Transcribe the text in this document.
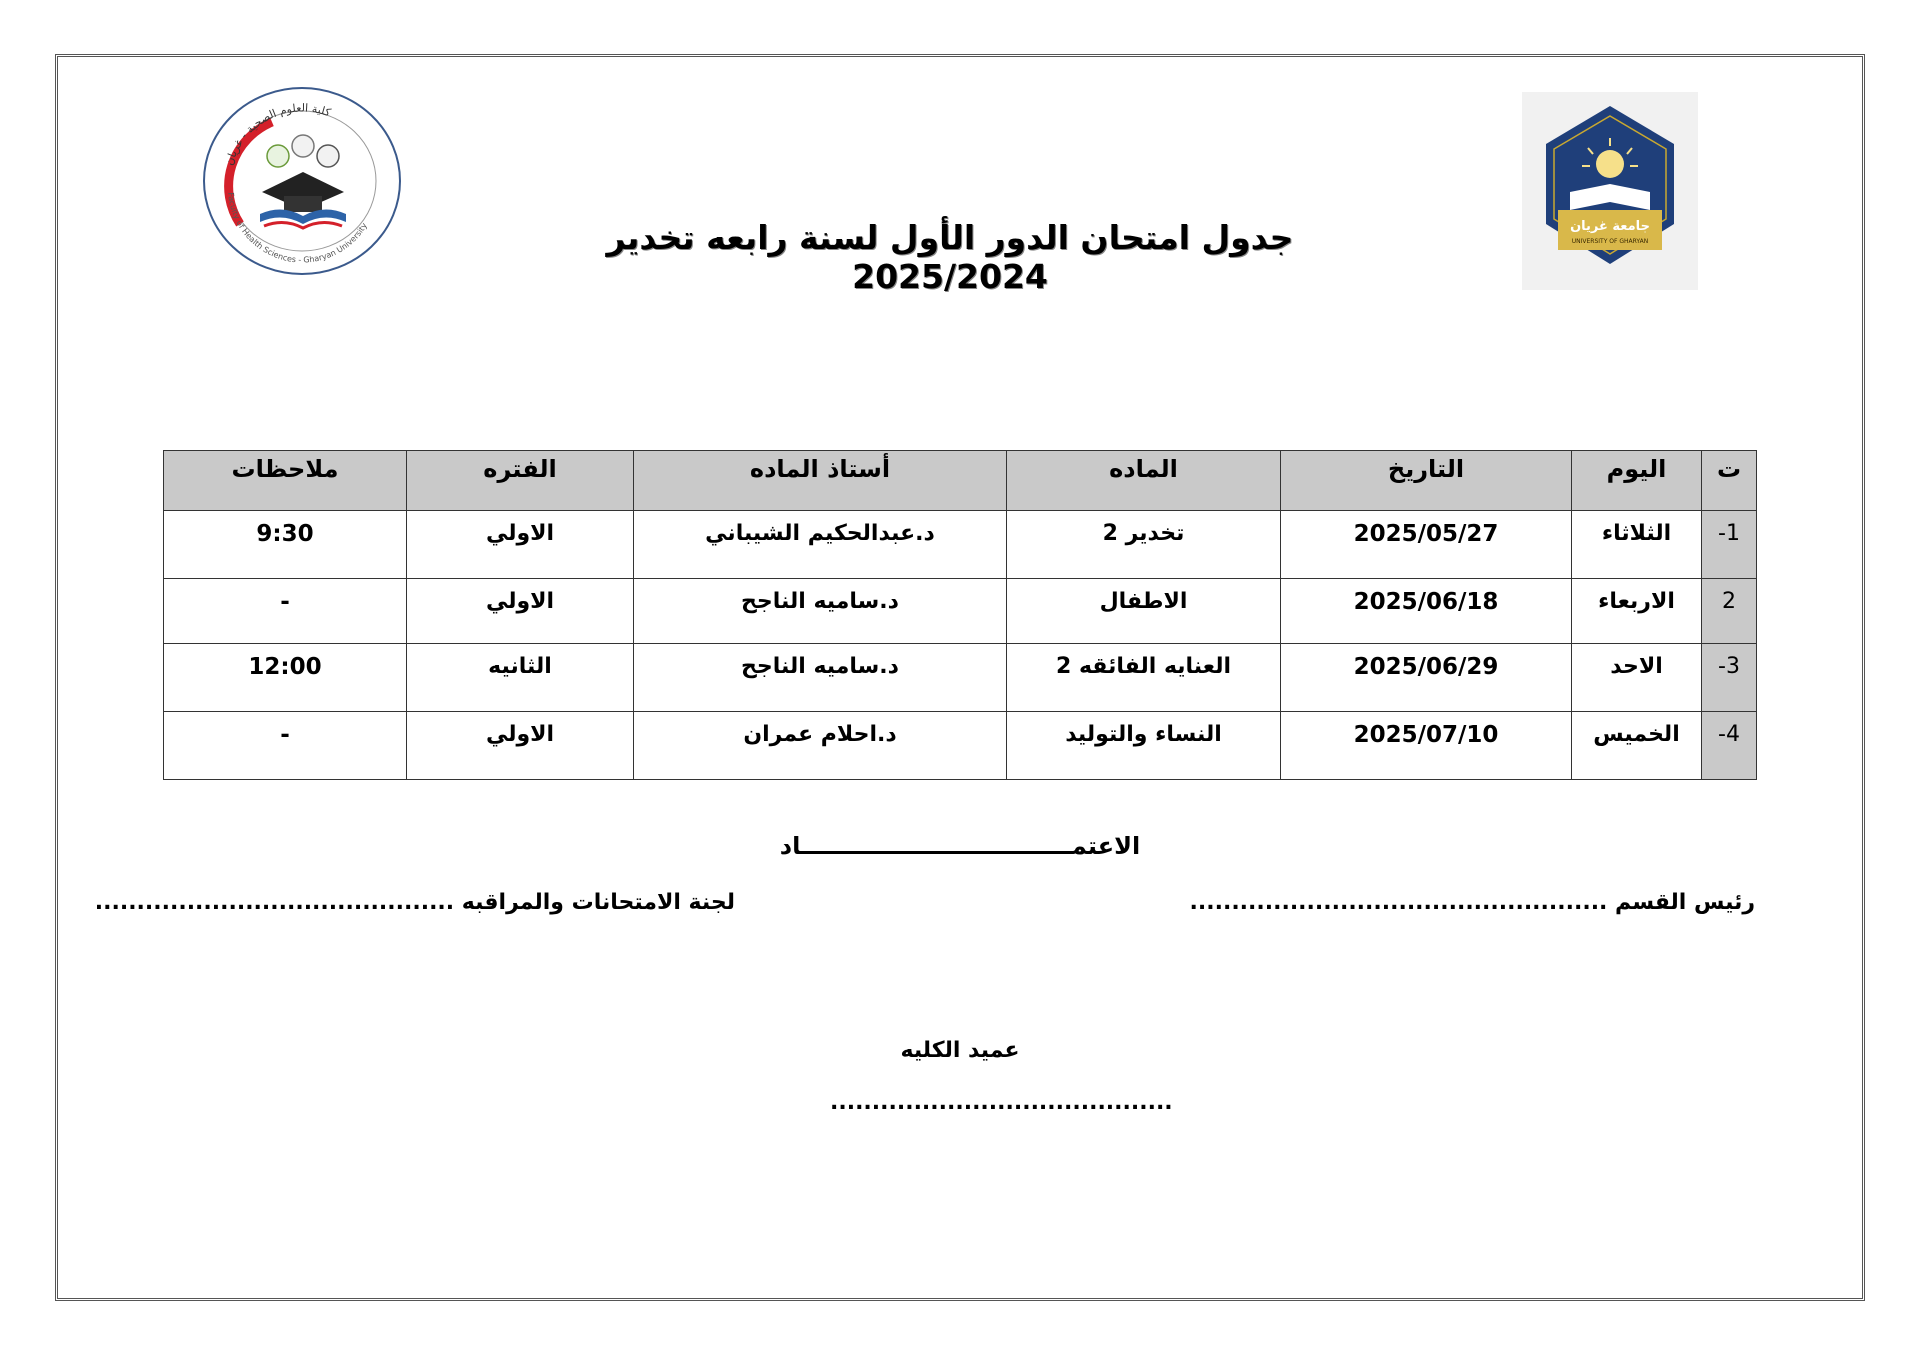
كلية العلوم الصحية - غريان
Faculty of Health Sciences - Gharyan University	جامعة غريان
UNIVERSITY OF GHARYAN
جدول امتحان الدور الأول لسنة رابعه تخدير 2025/2024
ت	اليوم	التاريخ	الماده	أستاذ الماده	الفتره	ملاحظات
1-	الثلاثاء	2025/05/27	تخدير 2	د.عبدالحكيم الشيباني	الاولي	9:30
2	الاربعاء	2025/06/18	الاطفال	د.ساميه الناجح	الاولي	-
3-	الاحد	2025/06/29	العنايه الفائقه 2	د.ساميه الناجح	الثانيه	12:00
4-	الخميس	2025/07/10	النساء والتوليد	د.احلام عمران	الاولي	-
الاعتمـــــــــــــــــــــــــــــــــاد
رئيس القسم ..................................................
لجنة الامتحانات والمراقبه ...........................................
عميد الكليه
.........................................
